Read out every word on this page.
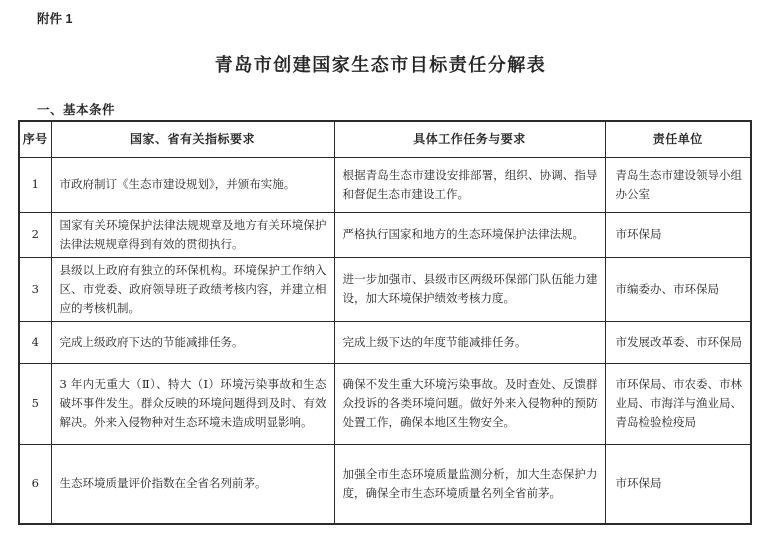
附件 1
青岛市创建国家生态市目标责任分解表
一、基本条件
序号	国家、省有关指标要求	具体工作任务与要求	责任单位
1	市政府制订《生态市建设规划》，并颁布实施。	根据青岛生态市建设安排部署，组织、协调、指导和督促生态市建设工作。	青岛生态市建设领导小组办公室
2	国家有关环境保护法律法规规章及地方有关环境保护法律法规规章得到有效的贯彻执行。	严格执行国家和地方的生态环境保护法律法规。	市环保局
3	县级以上政府有独立的环保机构。环境保护工作纳入区、市党委、政府领导班子政绩考核内容，并建立相应的考核机制。	进一步加强市、县级市区两级环保部门队伍能力建设，加大环境保护绩效考核力度。	市编委办、市环保局
4	完成上级政府下达的节能减排任务。	完成上级下达的年度节能减排任务。	市发展改革委、市环保局
5	3 年内无重大（Ⅱ）、特大（Ⅰ）环境污染事故和生态破坏事件发生。群众反映的环境问题得到及时、有效解决。外来入侵物种对生态环境未造成明显影响。	确保不发生重大环境污染事故。及时查处、反馈群众投诉的各类环境问题。做好外来入侵物种的预防处置工作，确保本地区生物安全。	市环保局、市农委、市林业局、市海洋与渔业局、青岛检验检疫局
6	生态环境质量评价指数在全省名列前茅。	加强全市生态环境质量监测分析，加大生态保护力度，确保全市生态环境质量名列全省前茅。	市环保局
